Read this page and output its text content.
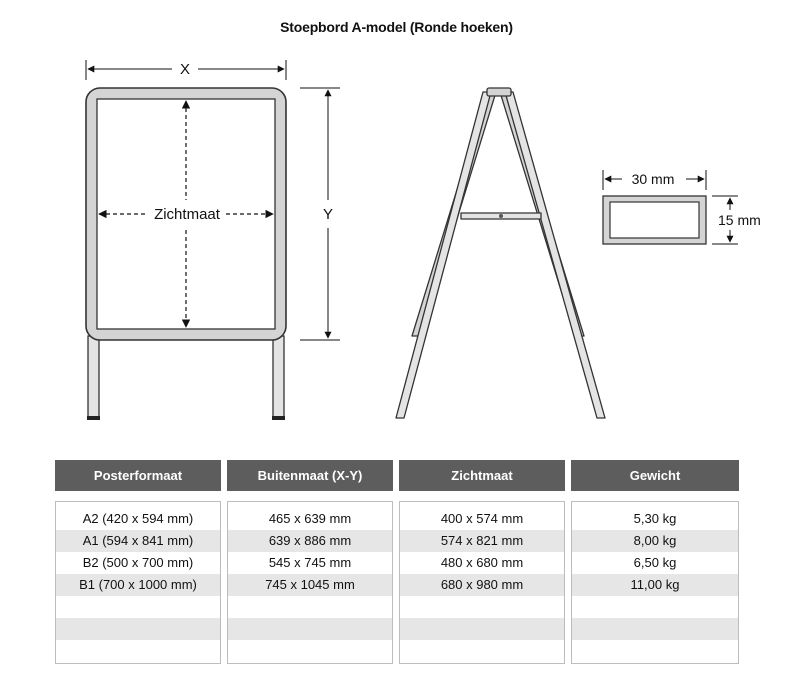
Stoepbord A-model (Ronde hoeken)
X
Y
Zichtmaat
30 mm
15 mm
Posterformaat
A2 (420 x 594 mm)
A1 (594 x 841 mm)
B2 (500 x 700 mm)
B1 (700 x 1000 mm)
Buitenmaat (X-Y)
465 x 639 mm
639 x 886 mm
545 x 745 mm
745 x 1045 mm
Zichtmaat
400 x 574 mm
574 x 821 mm
480 x 680 mm
680 x 980 mm
Gewicht
5,30 kg
8,00 kg
6,50 kg
11,00 kg
